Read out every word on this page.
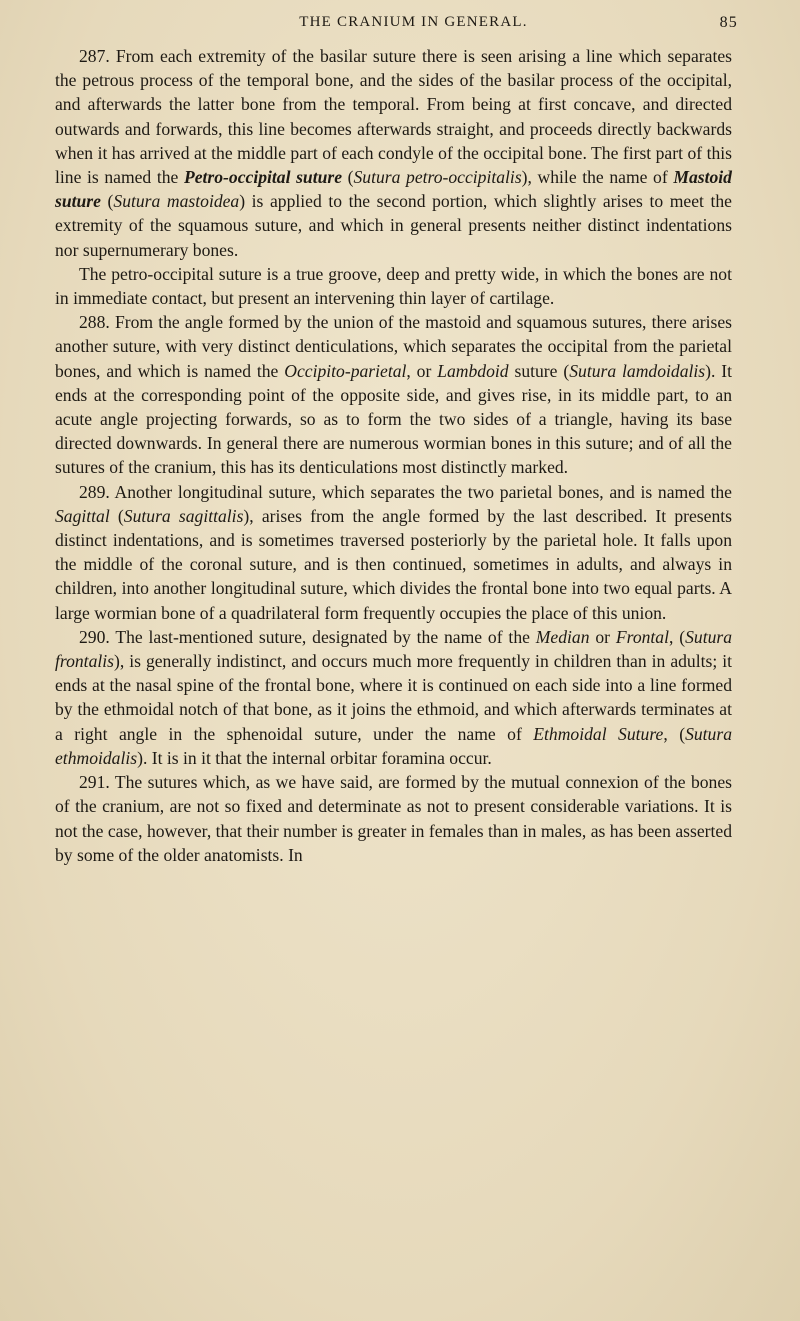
THE CRANIUM IN GENERAL.	85

287. From each extremity of the basilar suture there is seen arising a line which separates the petrous process of the temporal bone, and the sides of the basilar process of the occipital, and afterwards the latter bone from the temporal. From being at first concave, and directed outwards and forwards, this line becomes afterwards straight, and proceeds directly backwards when it has arrived at the middle part of each condyle of the occipital bone. The first part of this line is named the Petro-occipital suture (Sutura petro-occipitalis), while the name of Mastoid suture (Sutura mastoidea) is applied to the second portion, which slightly arises to meet the extremity of the squamous suture, and which in general presents neither distinct indentations nor supernumerary bones.

The petro-occipital suture is a true groove, deep and pretty wide, in which the bones are not in immediate contact, but present an intervening thin layer of cartilage.

288. From the angle formed by the union of the mastoid and squamous sutures, there arises another suture, with very distinct denticulations, which separates the occipital from the parietal bones, and which is named the Occipito-parietal, or Lambdoid suture (Sutura lamdoidalis). It ends at the corresponding point of the opposite side, and gives rise, in its middle part, to an acute angle projecting forwards, so as to form the two sides of a triangle, having its base directed downwards. In general there are numerous wormian bones in this suture; and of all the sutures of the cranium, this has its denticulations most distinctly marked.

289. Another longitudinal suture, which separates the two parietal bones, and is named the Sagittal (Sutura sagittalis), arises from the angle formed by the last described. It presents distinct indentations, and is sometimes traversed posteriorly by the parietal hole. It falls upon the middle of the coronal suture, and is then continued, sometimes in adults, and always in children, into another longitudinal suture, which divides the frontal bone into two equal parts. A large wormian bone of a quadrilateral form frequently occupies the place of this union.

290. The last-mentioned suture, designated by the name of the Median or Frontal, (Sutura frontalis), is generally indistinct, and occurs much more frequently in children than in adults; it ends at the nasal spine of the frontal bone, where it is continued on each side into a line formed by the ethmoidal notch of that bone, as it joins the ethmoid, and which afterwards terminates at a right angle in the sphenoidal suture, under the name of Ethmoidal Suture, (Sutura ethmoidalis). It is in it that the internal orbitar foramina occur.

291. The sutures which, as we have said, are formed by the mutual connexion of the bones of the cranium, are not so fixed and determinate as not to present considerable variations. It is not the case, however, that their number is greater in females than in males, as has been asserted by some of the older anatomists. In
